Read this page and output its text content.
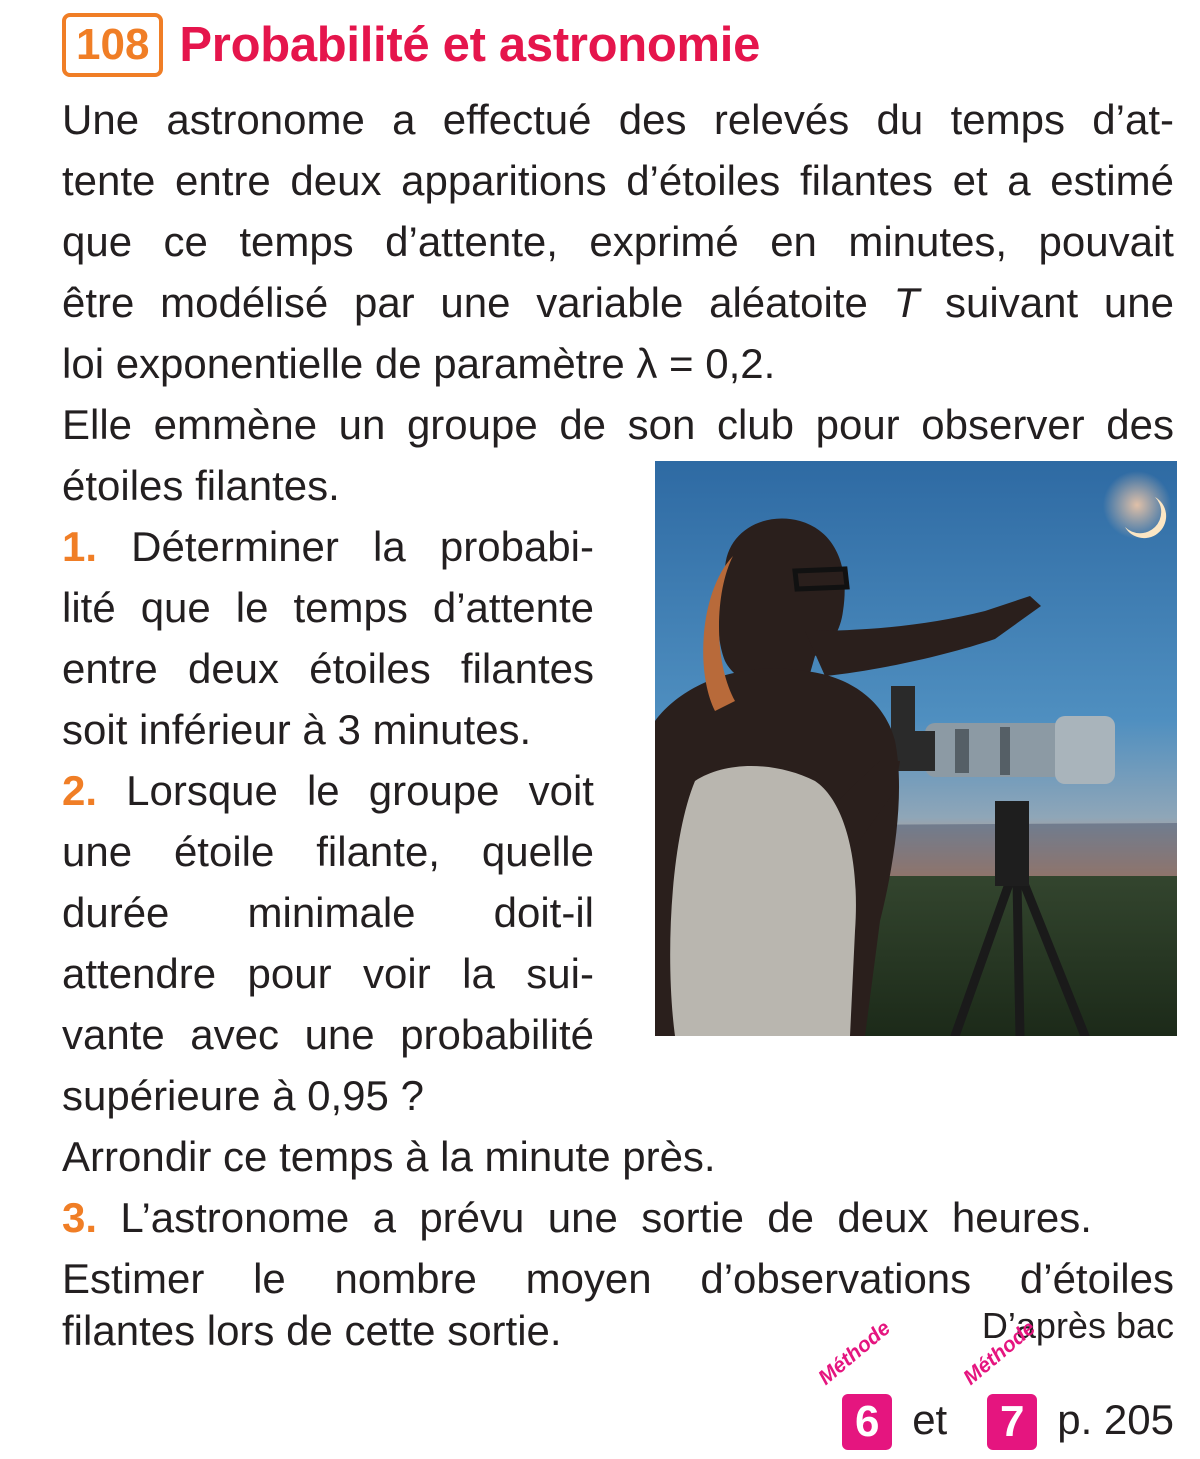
108 Probabilité et astronomie
Une astronome a effectué des relevés du temps d’at-
tente entre deux apparitions d’étoiles filantes et a estimé
que ce temps d’attente, exprimé en minutes, pouvait
être modélisé par une variable aléatoite T suivant une
loi exponentielle de paramètre λ = 0,2.
Elle emmène un groupe de son club pour observer des
étoiles filantes.
1. Déterminer la probabi-
lité que le temps d’attente
entre deux étoiles filantes
soit inférieur à 3 minutes.
2. Lorsque le groupe voit
une étoile filante, quelle
durée minimale doit-il
attendre pour voir la sui-
vante avec une probabilité
supérieure à 0,95 ?
Arrondir ce temps à la minute près.
3. L’astronome a prévu une sortie de deux heures.
Estimer le nombre moyen d’observations d’étoiles
filantes lors de cette sortie.	D’après bac
Méthode
6 et
Méthode
7 p. 205
